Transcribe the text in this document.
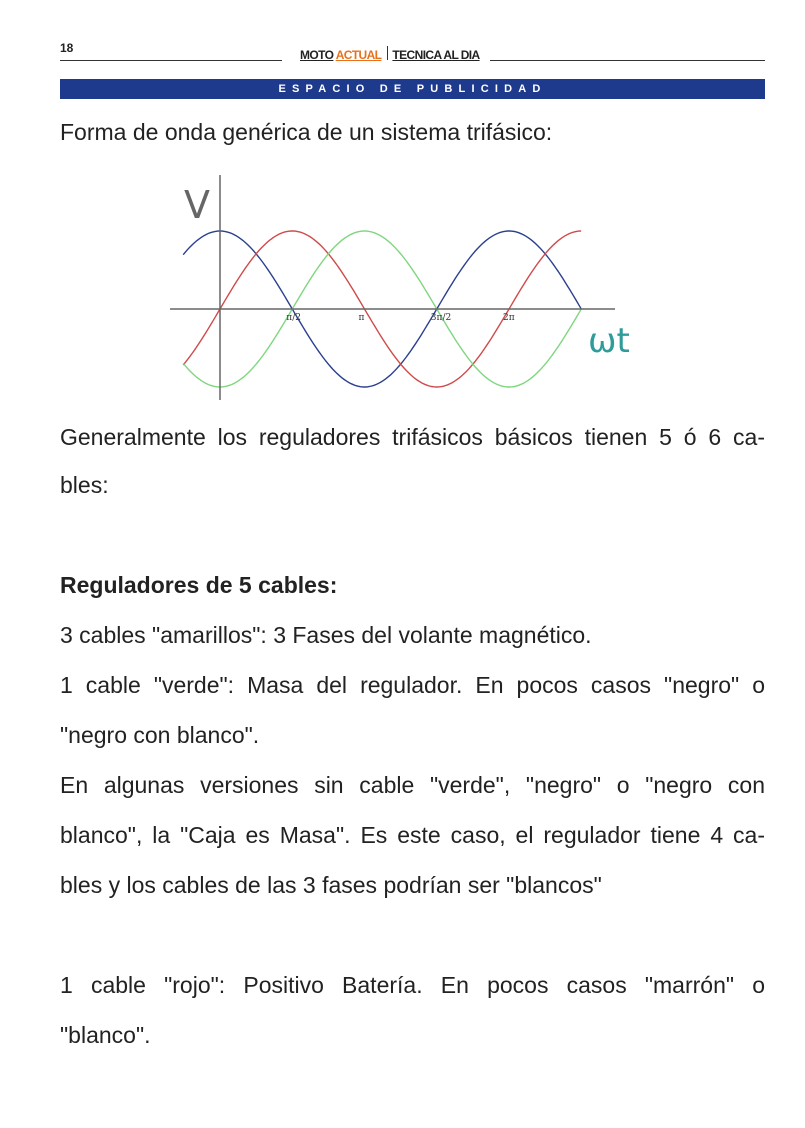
18	MOTO ACTUAL TECNICA AL DIA
ESPACIO DE PUBLICIDAD

Forma de onda genérica de un sistema trifásico:

V
ωt
π/2	π	3π/2	2π

Generalmente los reguladores trifásicos básicos tienen 5 ó 6 ca-

bles:

Reguladores de 5 cables:

3 cables "amarillos": 3 Fases del volante magnético.

1 cable "verde": Masa del regulador. En pocos casos "negro" o

"negro con blanco".

En algunas versiones sin cable "verde", "negro" o "negro con

blanco", la "Caja es Masa". Es este caso, el regulador tiene 4 ca-

bles y los cables de las 3 fases podrían ser "blancos"

1 cable "rojo": Positivo Batería. En pocos casos "marrón" o

"blanco".
